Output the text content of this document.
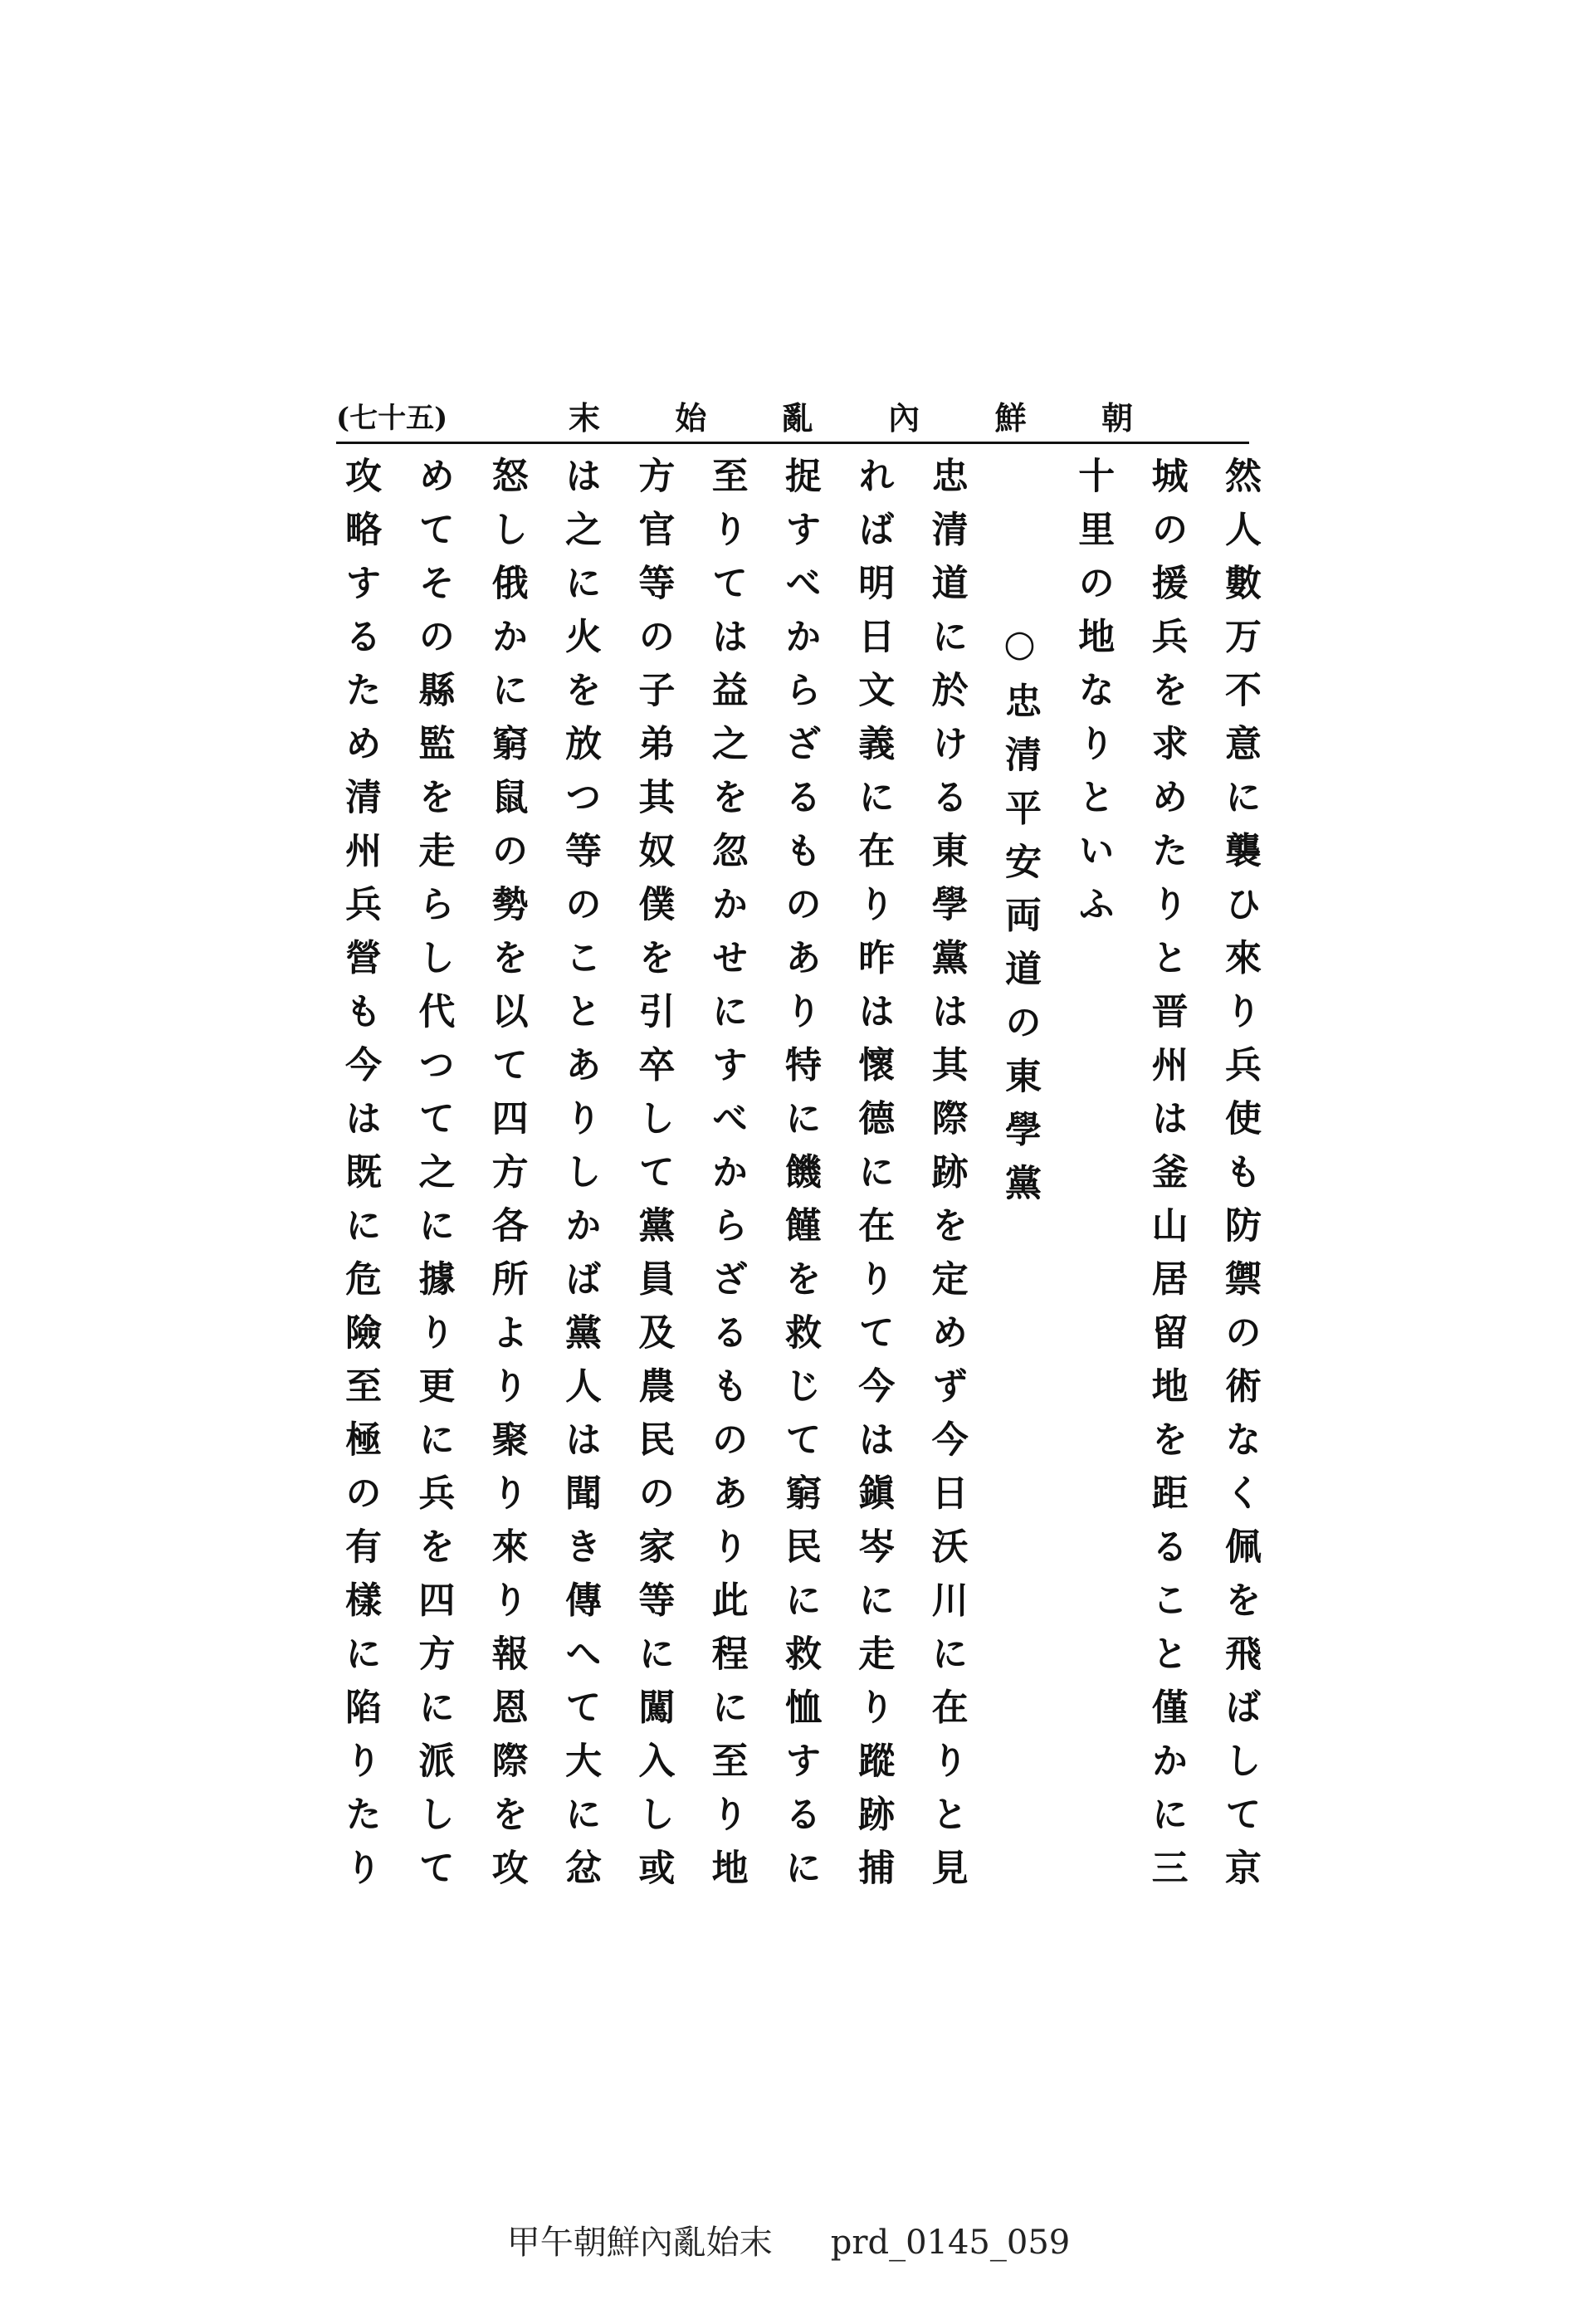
(七十五)	朝
鮮
內
亂
始
末
然人數万不意に襲ひ來り兵使も防禦の術なく佩を飛ばして京
城の援兵を求めたりと晋州は釜山居留地を距ること僅かに三
十里の地なりといふ
○忠清平安両道の東學黨
忠清道に於ける東學黨は其際跡を定めず今日沃川に在りと見
れば明日文義に在り昨は懷德に在りて今は鎭岑に走り蹤跡捕
捉すべからざるものあり特に饑饉を救じて窮民に救恤するに
至りては益之を忽かせにすべからざるものあり此程に至り地
方官等の子弟其奴僕を引卒して黨員及農民の家等に闖入し或
は之に火を放つ等のことありしかば黨人は聞き傳へて大に忿
怒し俄かに窮鼠の勢を以て四方各所より聚り來り報恩際を攻
めてその縣監を走らし代つて之に據り更に兵を四方に派して
攻略するため清州兵營も今は既に危險至極の有樣に陷りたり
甲午朝鮮內亂始末 prd_0145_059
